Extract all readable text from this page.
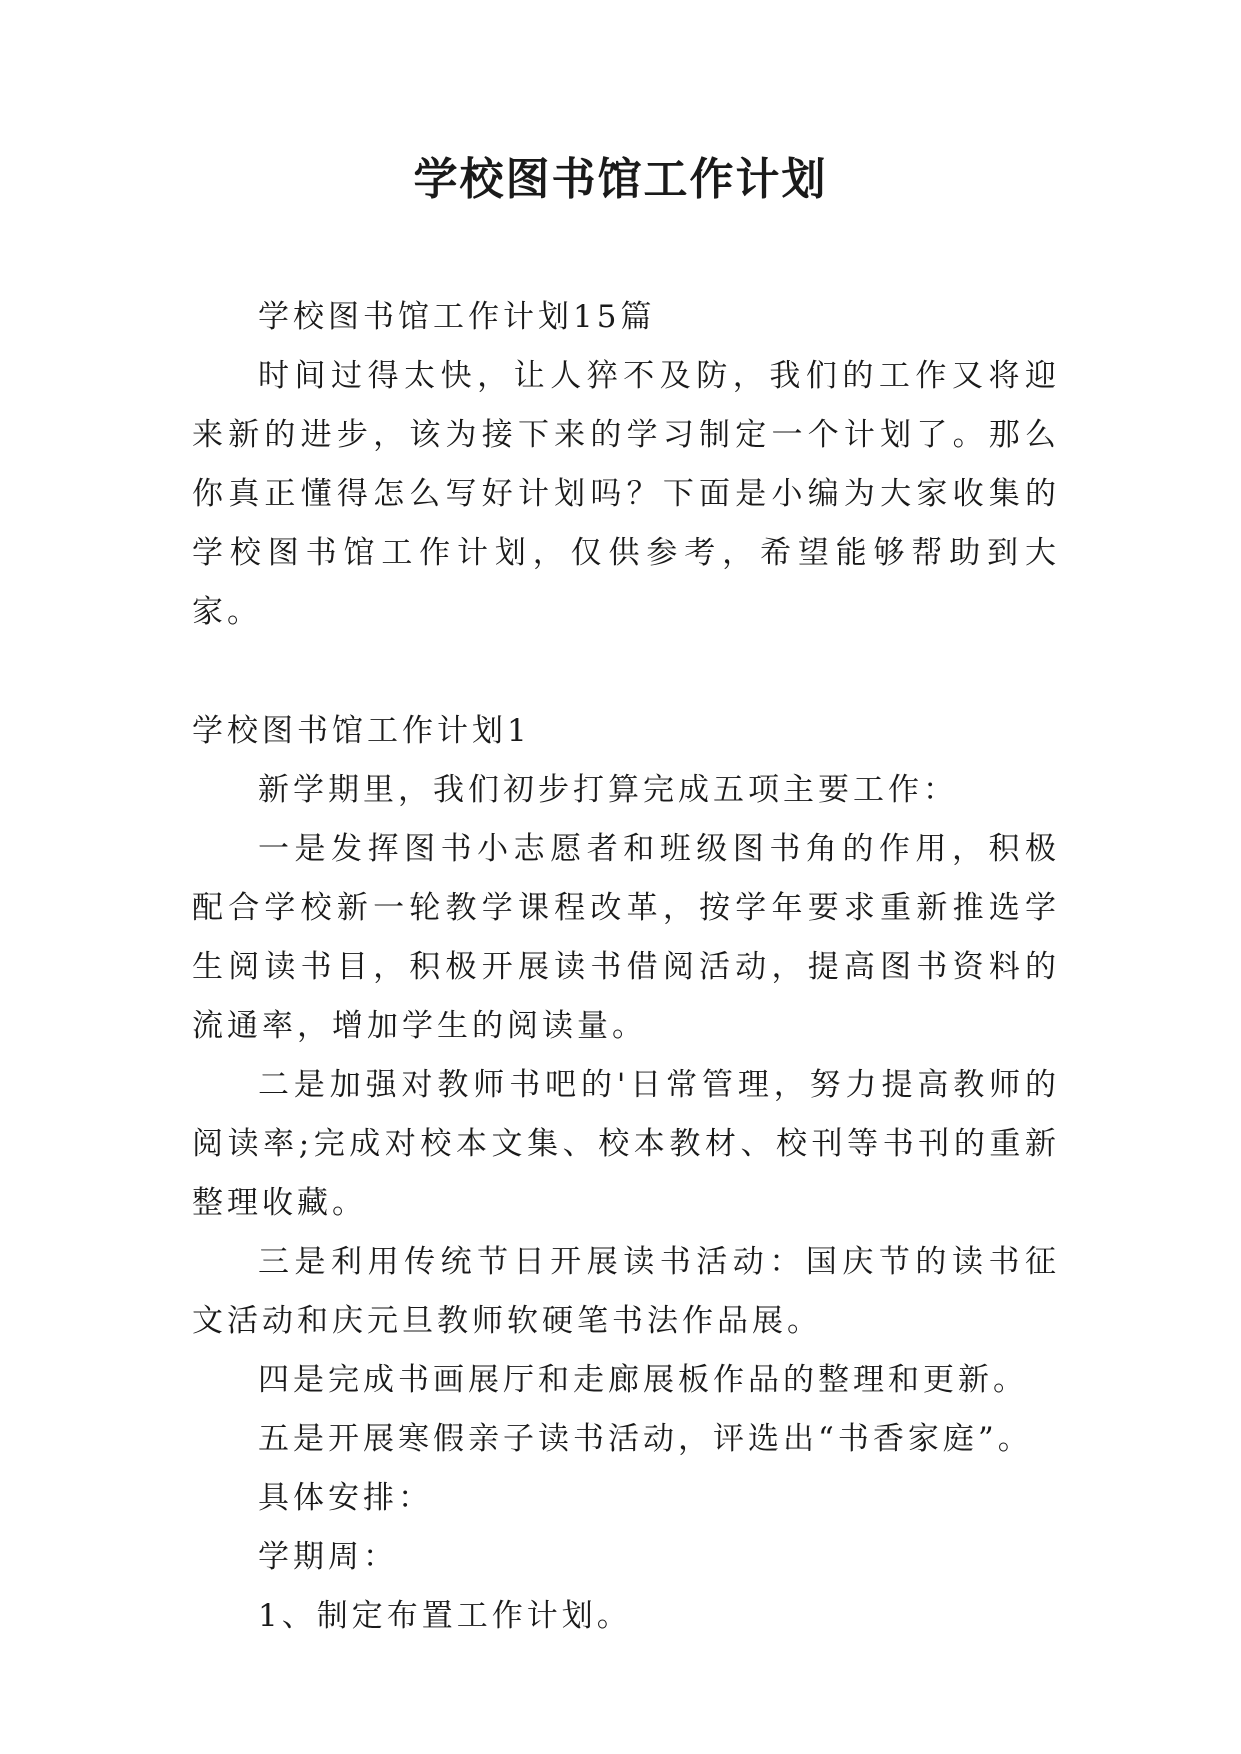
学校图书馆工作计划

学校图书馆工作计划15篇

时间过得太快，让人猝不及防，我们的工作又将迎来新的进步，该为接下来的学习制定一个计划了。那么你真正懂得怎么写好计划吗？下面是小编为大家收集的学校图书馆工作计划，仅供参考，希望能够帮助到大家。

学校图书馆工作计划1

新学期里，我们初步打算完成五项主要工作：

一是发挥图书小志愿者和班级图书角的作用，积极配合学校新一轮教学课程改革，按学年要求重新推选学生阅读书目，积极开展读书借阅活动，提高图书资料的流通率，增加学生的阅读量。

二是加强对教师书吧的'日常管理，努力提高教师的阅读率;完成对校本文集、校本教材、校刊等书刊的重新整理收藏。

三是利用传统节日开展读书活动：国庆节的读书征文活动和庆元旦教师软硬笔书法作品展。

四是完成书画展厅和走廊展板作品的整理和更新。

五是开展寒假亲子读书活动，评选出“书香家庭”。

具体安排：

学期周：

1、制定布置工作计划。
